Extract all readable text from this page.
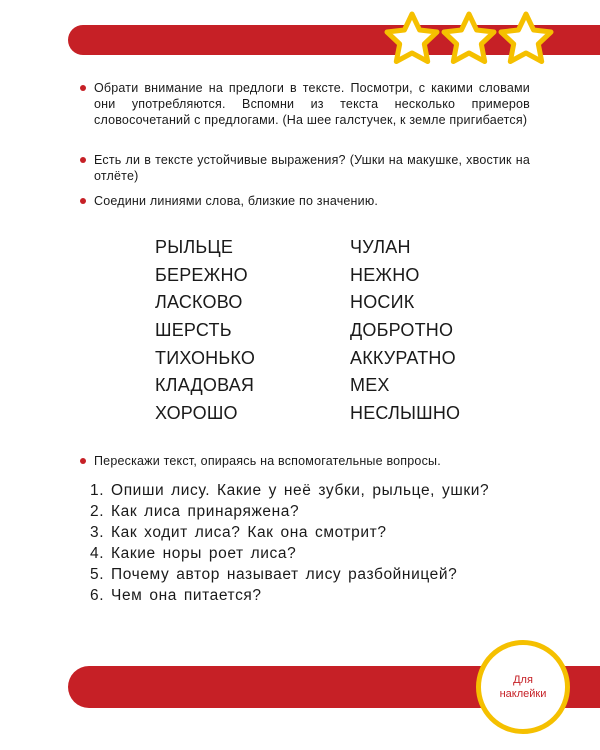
Обрати внимание на предлоги в тексте. Посмотри, с какими словами они употребляются. Вспомни из текста несколько примеров словосочетаний с предлогами. (На шее галстучек, к земле пригибается)
Есть ли в тексте устойчивые выражения? (Ушки на макушке, хвостик на отлёте)
Соедини линиями слова, близкие по значению.
РЫЛЬЦЕ
БЕРЕЖНО
ЛАСКОВО
ШЕРСТЬ
ТИХОНЬКО
КЛАДОВАЯ
ХОРОШО
ЧУЛАН
НЕЖНО
НОСИК
ДОБРОТНО
АККУРАТНО
МЕХ
НЕСЛЫШНО
Перескажи текст, опираясь на вспомогательные вопросы.
1. Опиши лису. Какие у неё зубки, рыльце, ушки?
2. Как лиса принаряжена?
3. Как ходит лиса? Как она смотрит?
4. Какие норы роет лиса?
5. Почему автор называет лису разбойницей?
6. Чем она питается?
Для
наклейки
